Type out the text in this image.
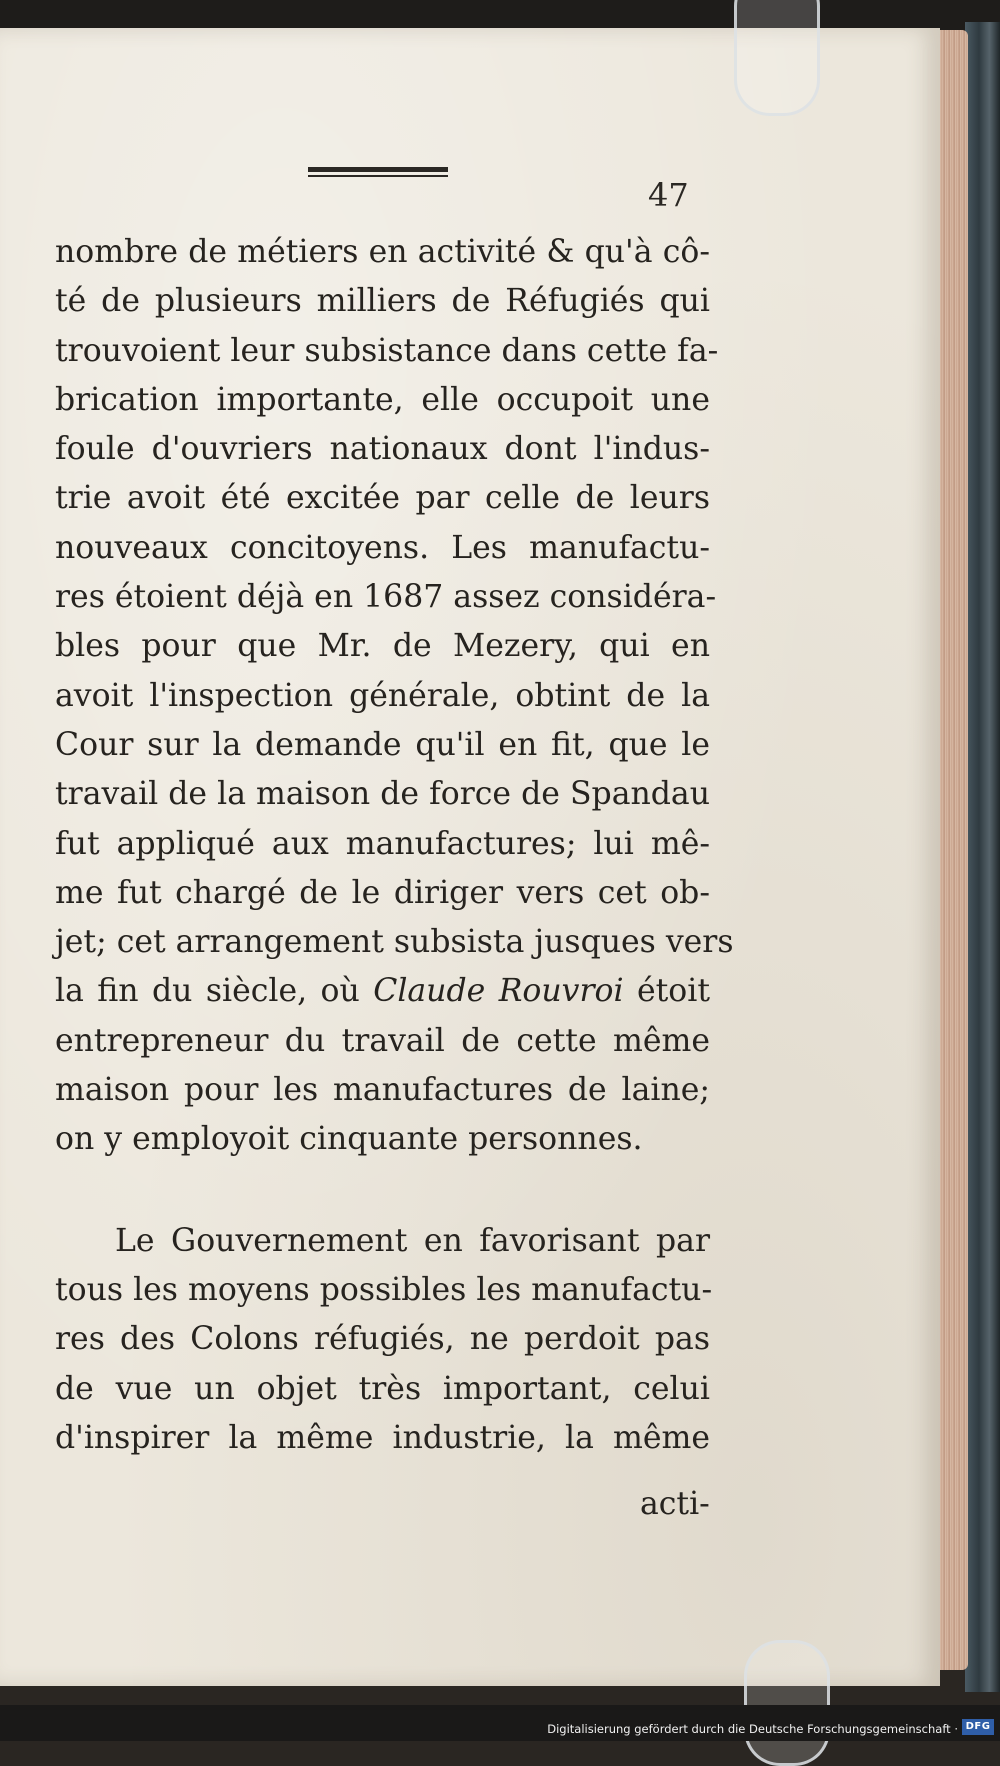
47
nombre de métiers en activité & qu'à cô-
té de plusieurs milliers de Réfugiés qui
trouvoient leur subsistance dans cette fa-
brication importante, elle occupoit une
foule d'ouvriers nationaux dont l'indus-
trie avoit été excitée par celle de leurs
nouveaux concitoyens. Les manufactu-
res étoient déjà en 1687 assez considéra-
bles pour que Mr. de Mezery, qui en
avoit l'inspection générale, obtint de la
Cour sur la demande qu'il en fit, que le
travail de la maison de force de Spandau
fut appliqué aux manufactures; lui mê-
me fut chargé de le diriger vers cet ob-
jet; cet arrangement subsista jusques vers
la fin du siècle, où Claude Rouvroi étoit
entrepreneur du travail de cette même
maison pour les manufactures de laine;
on y employoit cinquante personnes.
Le Gouvernement en favorisant par
tous les moyens possibles les manufactu-
res des Colons réfugiés, ne perdoit pas
de vue un objet très important, celui
d'inspirer la même industrie, la même
acti-
Digitalisierung gefördert durch die Deutsche Forschungsgemeinschaft · DFG
